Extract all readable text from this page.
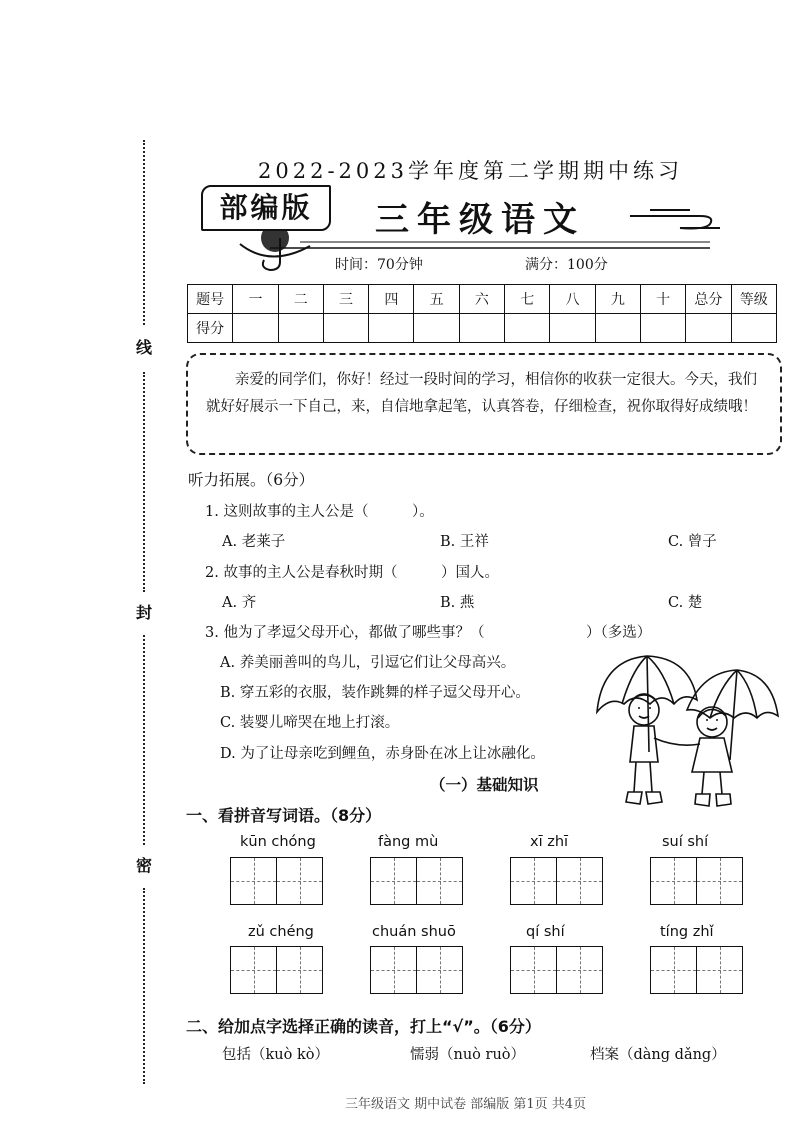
线
封
密
2022-2023学年度第二学期期中练习
部编版	三年级语文
时间：70分钟	满分：100分
题号	一	二	三	四	五	六	七	八	九	十	总分	等级
得分												
亲爱的同学们，你好！经过一段时间的学习，相信你的收获一定很大。今天，我们就好好展示一下自己，来，自信地拿起笔，认真答卷，仔细检查，祝你取得好成绩哦！
听力拓展。（6分）
1. 这则故事的主人公是（　　　）。
A. 老莱子	B. 王祥	C. 曾子
2. 故事的主人公是春秋时期（　　　）国人。
A. 齐	B. 燕	C. 楚
3. 他为了孝逗父母开心，都做了哪些事？（　　　　　　　）（多选）
A. 养美丽善叫的鸟儿，引逗它们让父母高兴。
B. 穿五彩的衣服，装作跳舞的样子逗父母开心。
C. 装婴儿啼哭在地上打滚。
D. 为了让母亲吃到鲤鱼，赤身卧在冰上让冰融化。
（一）基础知识
一、看拼音写词语。（8分）
kūn chóng	fàng mù	xī zhī	suí shí
zǔ chéng	chuán shuō	qí shí	tíng zhǐ
二、给加点字选择正确的读音，打上“√”。（6分）
包括（kuò kò）	懦弱（nuò ruò）	档案（dàng dǎng）
三年级语文 期中试卷 部编版 第1页 共4页
